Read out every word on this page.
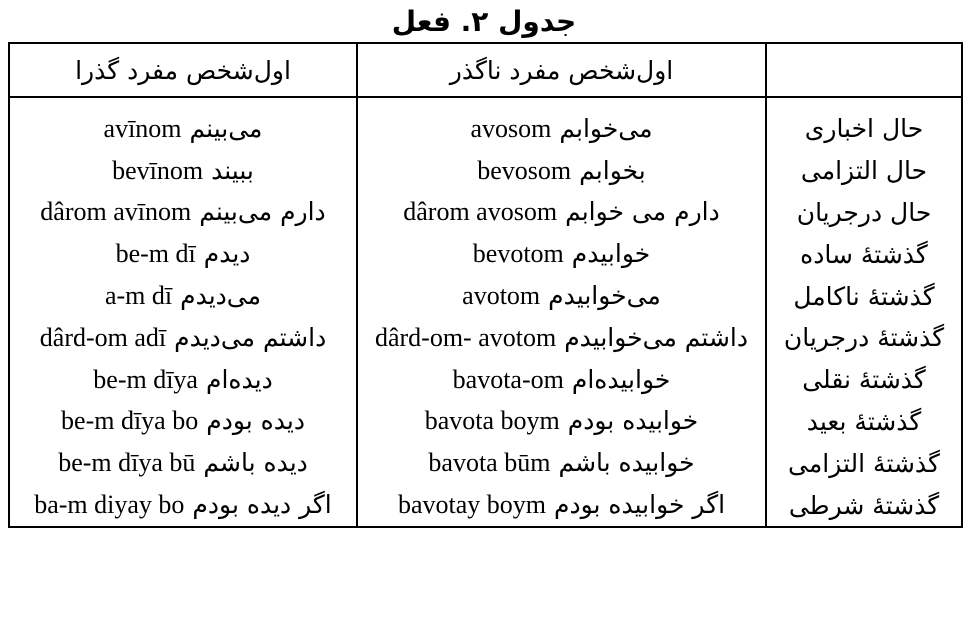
جدول ۲. فعل
	اول‌شخص مفرد ناگذر	اول‌شخص مفرد گذرا
حال اخباری	می‌خوابمavosom	می‌بینمavīnom
حال التزامی	بخوابمbevosom	ببیندbevīnom
حال درجریان	دارم می خوابمdârom avosom	دارم می‌بینمdârom avīnom
گذشتهٔ ساده	خوابیدمbevotom	دیدمbe-m dī
گذشتهٔ ناکامل	می‌خوابیدمavotom	می‌دیدمa-m dī
گذشتهٔ درجریان	داشتم می‌خوابیدمdârd-om- avotom	داشتم می‌دیدمdârd-om adī
گذشتهٔ نقلی	خوابیده‌امbavota-om	دیده‌امbe-m dīya
گذشتهٔ بعید	خوابیده بودمbavota boym	دیده بودمbe-m dīya bo
گذشتهٔ التزامی	خوابیده باشمbavota būm	دیده باشمbe-m dīya bū
گذشتهٔ شرطی	اگر خوابیده بودمbavotay boym	اگر دیده بودمba-m diyay bo
